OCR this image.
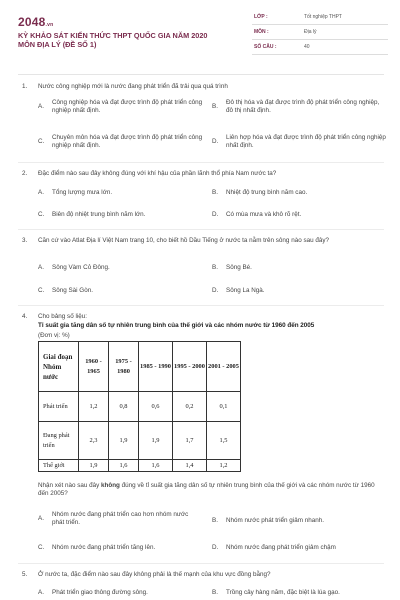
2048.vn
KỲ KHẢO SÁT KIẾN THỨC THPT QUỐC GIA NĂM 2020
MÔN ĐỊA LÝ (ĐỀ SỐ 1)
LỚP :	Tốt nghiệp THPT
MÔN :	Địa lý
SỐ CÂU :	40
1. Nước công nghiệp mới là nước đang phát triển đã trải qua quá trình
A.
Công nghiệp hóa và đạt được trình độ phát triển công nghiệp nhất định.
B.
Đô thị hóa và đạt được trình độ phát triển công nghiệp, đô thị nhất định.
C.
Chuyên môn hóa và đạt được trình độ phát triển công nghiệp nhất định.
D.
Liên hợp hóa và đạt được trình độ phát triển công nghiệp nhất định.
2. Đặc điểm nào sau đây không đúng với khí hậu của phần lãnh thổ phía Nam nước ta?
A. Tổng lượng mưa lớn.	B. Nhiệt độ trung bình năm cao.
C. Biên độ nhiệt trung bình năm lớn.	D. Có mùa mưa và khô rõ rệt.
3. Căn cứ vào Atlat Địa lí Việt Nam trang 10, cho biết hồ Dầu Tiếng ở nước ta nằm trên sông nào sau đây?
A. Sông Vàm Cỏ Đông.	B. Sông Bé.
C. Sông Sài Gòn.	D. Sông La Ngà.
4. Cho bảng số liệu:
Tỉ suất gia tăng dân số tự nhiên trung bình của thế giới và các nhóm nước từ 1960 đến 2005
(Đơn vị: %)
Giai đoạn Nhóm nước	1960 - 1965	1975 - 1980	1985 - 1990	1995 - 2000	2001 - 2005
Phát triển	1,2	0,8	0,6	0,2	0,1
Đang phát triển	2,3	1,9	1,9	1,7	1,5
Thế giới	1,9	1,6	1,6	1,4	1,2
Nhận xét nào sau đây không đúng về tỉ suất gia tăng dân số tự nhiên trung bình của thế giới và các nhóm nước từ 1960 đến 2005?
A.
Nhóm nước đang phát triển cao hơn nhóm nước phát triển.	B. Nhóm nước phát triển giảm nhanh.
C. Nhóm nước đang phát triển tăng lên.	D. Nhóm nước đang phát triển giảm chậm
5. Ở nước ta, đặc điểm nào sau đây không phải là thế mạnh của khu vực đồng bằng?
A. Phát triển giao thông đường sông.	B. Trồng cây hàng năm, đặc biệt là lúa gạo.
